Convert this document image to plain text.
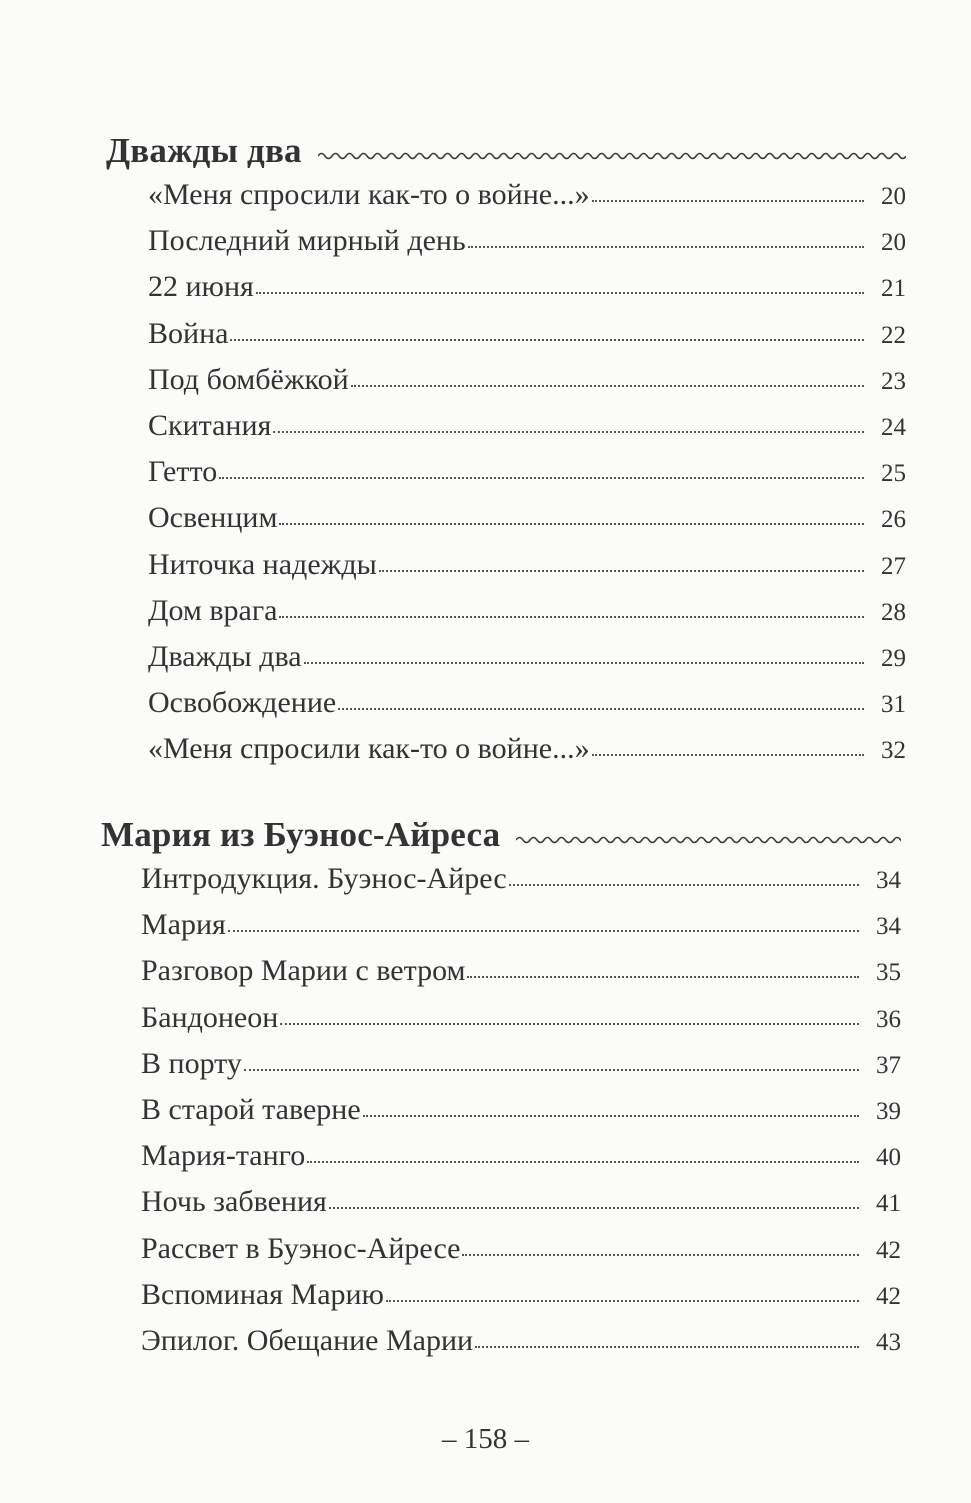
Дважды два
«Меня спросили как-то о войне...»	20
Последний мирный день	20
22 июня	21
Война	22
Под бомбёжкой	23
Скитания	24
Гетто	25
Освенцим	26
Ниточка надежды	27
Дом врага	28
Дважды два	29
Освобождение	31
«Меня спросили как-то о войне...»	32
Мария из Буэнос-Айреса
Интродукция. Буэнос-Айрес	34
Мария	34
Разговор Марии с ветром	35
Бандонеон	36
В порту	37
В старой таверне	39
Мария-танго	40
Ночь забвения	41
Рассвет в Буэнос-Айресе	42
Вспоминая Марию	42
Эпилог. Обещание Марии	43
– 158 –
